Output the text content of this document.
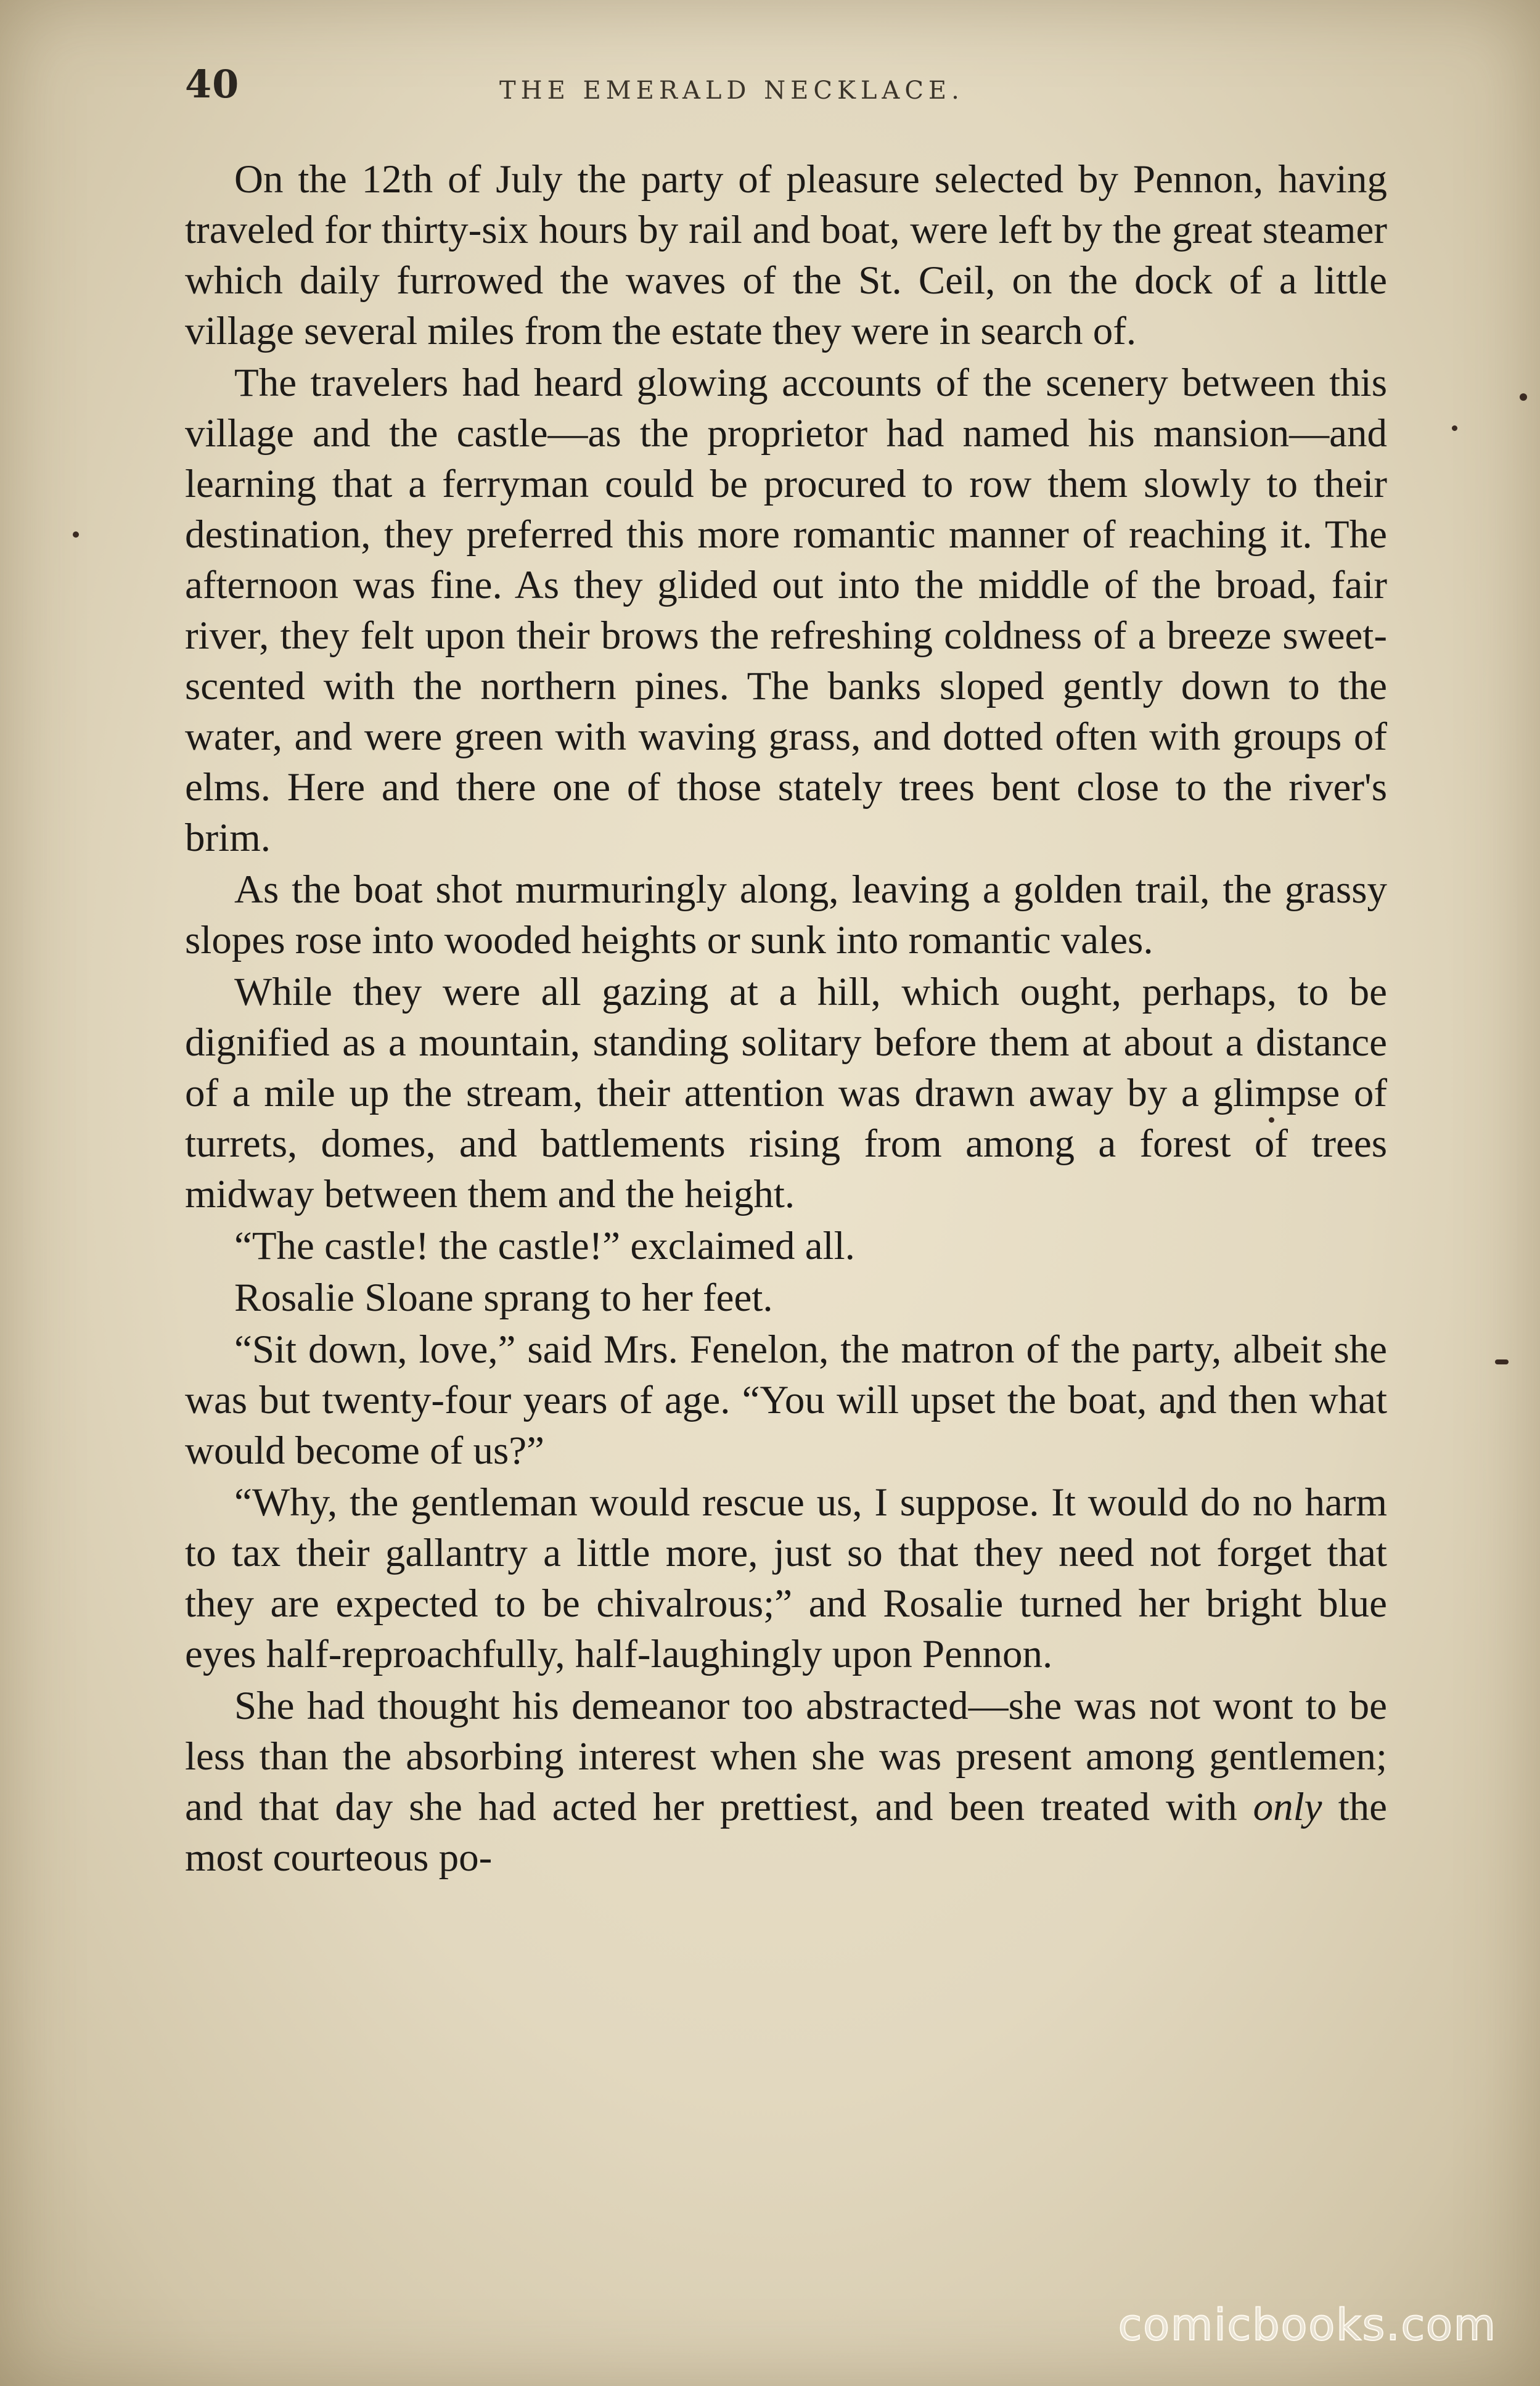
40	THE EMERALD NECKLACE.

On the 12th of July the party of pleasure selected by Pennon, having traveled for thirty-six hours by rail and boat, were left by the great steamer which daily furrowed the waves of the St. Ceil, on the dock of a little village several miles from the estate they were in search of.

The travelers had heard glowing accounts of the scenery between this village and the castle—as the proprietor had named his mansion—and learning that a ferryman could be procured to row them slowly to their destination, they preferred this more romantic manner of reaching it. The afternoon was fine. As they glided out into the middle of the broad, fair river, they felt upon their brows the refreshing coldness of a breeze sweet-scented with the northern pines. The banks sloped gently down to the water, and were green with waving grass, and dotted often with groups of elms. Here and there one of those stately trees bent close to the river's brim.

As the boat shot murmuringly along, leaving a golden trail, the grassy slopes rose into wooded heights or sunk into romantic vales.

While they were all gazing at a hill, which ought, perhaps, to be dignified as a mountain, standing solitary before them at about a distance of a mile up the stream, their attention was drawn away by a glimpse of turrets, domes, and battlements rising from among a forest of trees midway between them and the height.

“The castle! the castle!” exclaimed all.

Rosalie Sloane sprang to her feet.

“Sit down, love,” said Mrs. Fenelon, the matron of the party, albeit she was but twenty-four years of age. “You will upset the boat, and then what would become of us?”

“Why, the gentleman would rescue us, I suppose. It would do no harm to tax their gallantry a little more, just so that they need not forget that they are expected to be chivalrous;” and Rosalie turned her bright blue eyes half-reproachfully, half-laughingly upon Pennon.

She had thought his demeanor too abstracted—she was not wont to be less than the absorbing interest when she was present among gentlemen; and that day she had acted her prettiest, and been treated with only the most courteous po-

comicbooks.com
